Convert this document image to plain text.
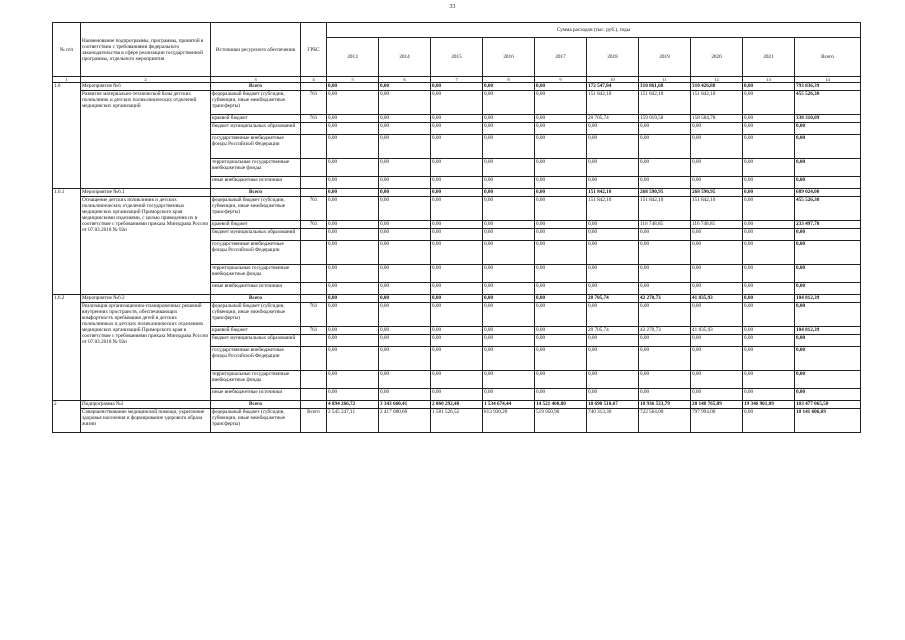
33
№ п/п	Наименование подпрограммы, программы, принятой в соответствии с требованиями федерального законодательства в сфере реализации государственной программы, отдельного мероприятия	Источники ресурсного обеспечения	ГРБС	Сумма расходов (тыс. руб.), годы									
				2013	2014	2015	2016	2017	2018	2019	2020	2021	Всего
1	2	3	4	5	6	7	8	9	10	11	12	13	14
1.6	Мероприятие №6	Всего		0,00	0,00	0,00	0,00	0,00	172 547,84	310 861,68	310 426,88	0,00	793 836,39
	Развитие материально-технической базы детских поликлиник и детских поликлинических отделений медицинских организаций	федеральный бюджет (субсидии, субвенции, иные межбюджетные трансферты)	761	0,00	0,00	0,00	0,00	0,00	151 842,10	151 842,10	151 842,10	0,00	455 526,30
		краевой бюджет	761	0,00	0,00	0,00	0,00	0,00	20 705,74	159 019,58	158 584,78	0,00	338 310,09
		бюджет муниципальных образований		0,00	0,00	0,00	0,00	0,00	0,00	0,00	0,00	0,00	0,00
		государственные внебюджетные фонды Российской Федерации		0,00	0,00	0,00	0,00	0,00	0,00	0,00	0,00	0,00	0,00
		территориальные государственные внебюджетные фонды		0,00	0,00	0,00	0,00	0,00	0,00	0,00	0,00	0,00	0,00
		иные внебюджетные источники		0,00	0,00	0,00	0,00	0,00	0,00	0,00	0,00	0,00	0,00
1.6.1	Мероприятие №6.1	Всего		0,00	0,00	0,00	0,00	0,00	151 842,10	268 590,95	268 590,95	0,00	689 024,00
	Оснащение детских поликлиник и детских поликлинических отделений государственных медицинских организаций Приморского края медицинскими изделиями, с целью приведения их в соответствие с требованиями приказа Минздрава России от 07.03.2018 № 92н	федеральный бюджет (субсидии, субвенции, иные межбюджетные трансферты)	761	0,00	0,00	0,00	0,00	0,00	151 842,10	151 842,10	151 842,10	0,00	455 526,30
		краевой бюджет	761	0,00	0,00	0,00	0,00	0,00	0,00	116 748,85	116 748,85	0,00	233 497,70
		бюджет муниципальных образований		0,00	0,00	0,00	0,00	0,00	0,00	0,00	0,00	0,00	0,00
		государственные внебюджетные фонды Российской Федерации		0,00	0,00	0,00	0,00	0,00	0,00	0,00	0,00	0,00	0,00
		территориальные государственные внебюджетные фонды		0,00	0,00	0,00	0,00	0,00	0,00	0,00	0,00	0,00	0,00
		иные внебюджетные источники		0,00	0,00	0,00	0,00	0,00	0,00	0,00	0,00	0,00	0,00
1.6.2	Мероприятие №6.2	Всего		0,00	0,00	0,00	0,00	0,00	20 705,74	42 270,73	41 835,93	0,00	104 812,39
	Реализация организационно-планировочных решений внутренних пространств, обеспечивающих комфортность пребывания детей в детских поликлиниках и детских поликлинических отделениях медицинских организаций Приморского края в соответствие с требованиями приказа Минздрава России от 07.03.2018 № 92н	федеральный бюджет (субсидии, субвенции, иные межбюджетные трансферты)	761	0,00	0,00	0,00	0,00	0,00	0,00	0,00	0,00	0,00	0,00
		краевой бюджет	761	0,00	0,00	0,00	0,00	0,00	20 705,74	42 270,73	41 835,93	0,00	104 812,39
		бюджет муниципальных образований		0,00	0,00	0,00	0,00	0,00	0,00	0,00	0,00	0,00	0,00
		государственные внебюджетные фонды Российской Федерации		0,00	0,00	0,00	0,00	0,00	0,00	0,00	0,00	0,00	0,00
		территориальные государственные внебюджетные фонды		0,00	0,00	0,00	0,00	0,00	0,00	0,00	0,00	0,00	0,00
		иные внебюджетные источники		0,00	0,00	0,00	0,00	0,00	0,00	0,00	0,00	0,00	0,00
2	Подпрограмма №2	Всего		4 894 266,72	3 343 660,41	2 060 292,48	1 534 674,44	14 521 460,80	18 690 510,67	18 936 533,79	20 148 765,09	19 346 901,09	103 477 065,50
	Совершенствование медицинской помощи, укрепление здоровья населения и формирование здорового образа жизни	федеральный бюджет (субсидии, субвенции, иные межбюджетные трансферты)	Всего	2 545 247,11	2 417 080,66	1 581 526,52	813 930,20	519 950,90	740 313,30	722 564,00	797 994,00	0,00	10 141 606,69
